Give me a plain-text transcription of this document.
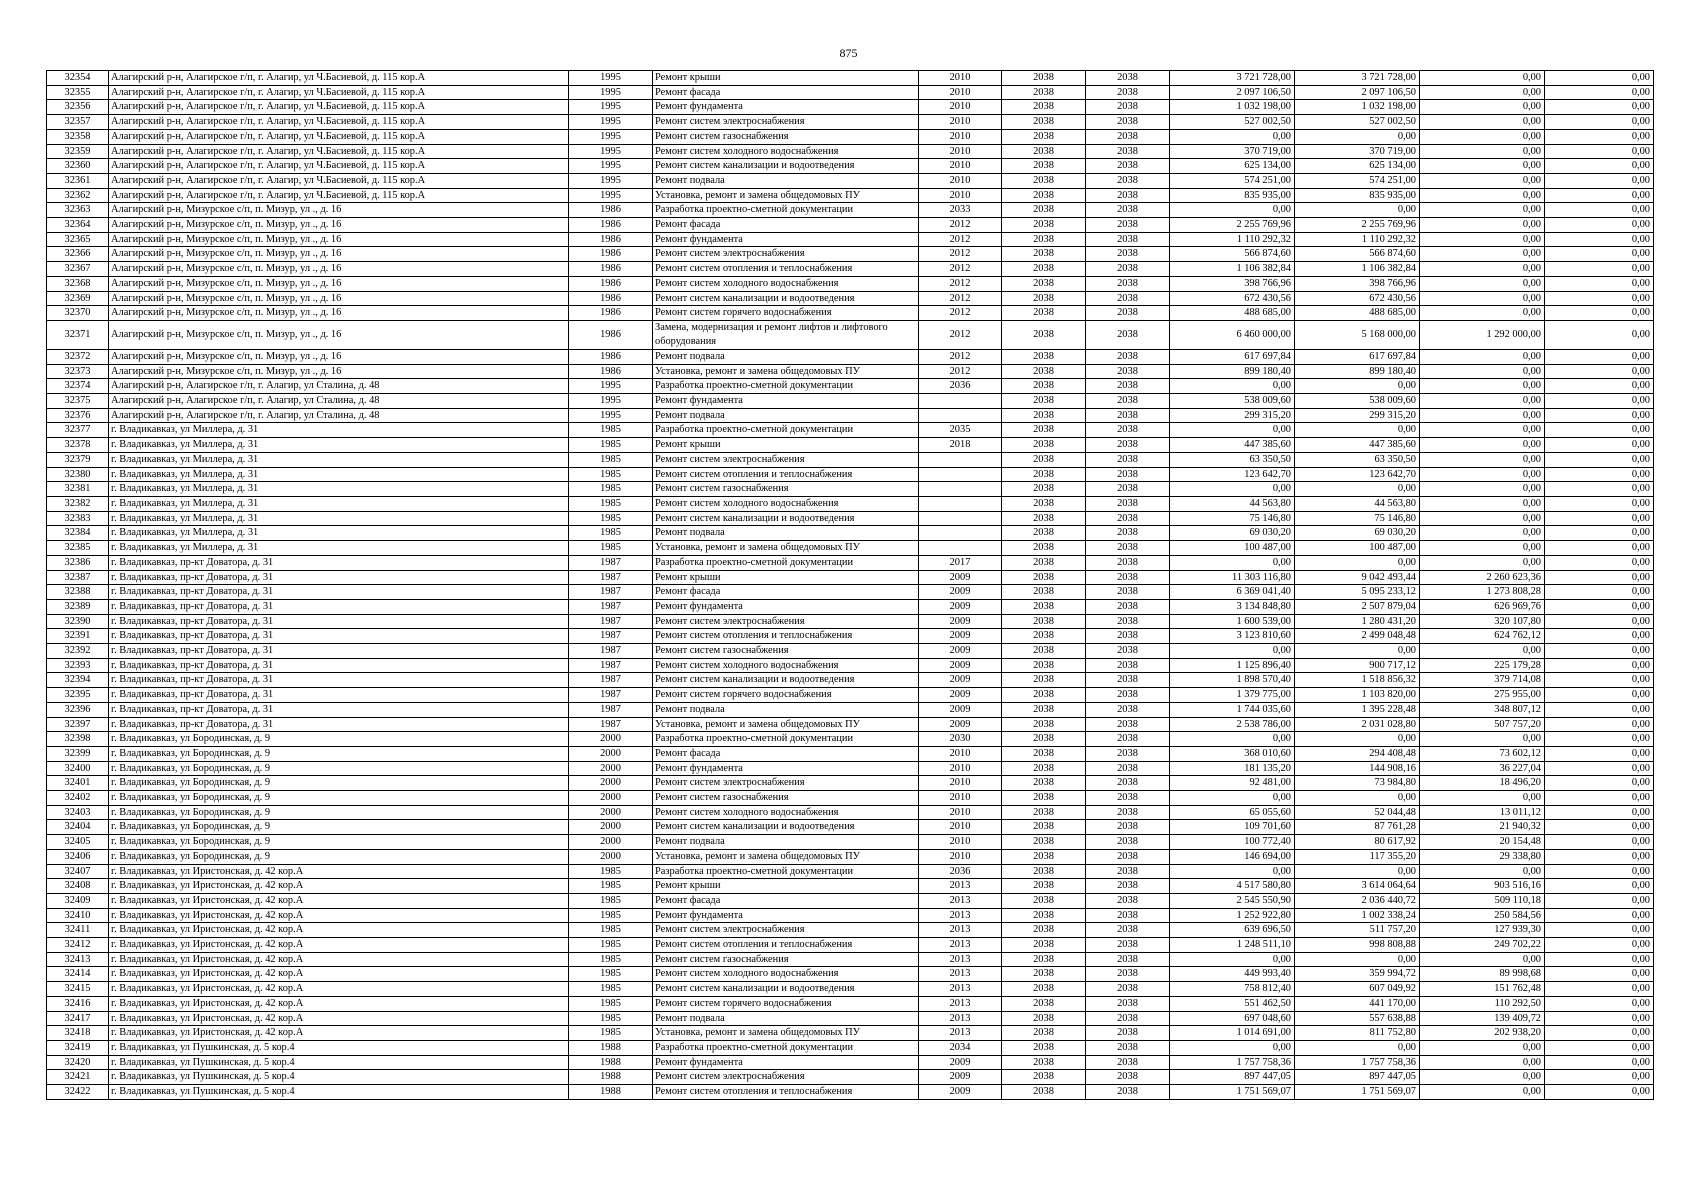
875
32354	Алагирский р-н, Алагирское г/п, г. Алагир, ул Ч.Басиевой, д. 115 кор.А	1995	Ремонт крыши	2010	2038	2038	3 721 728,00	3 721 728,00	0,00	0,00
32355	Алагирский р-н, Алагирское г/п, г. Алагир, ул Ч.Басиевой, д. 115 кор.А	1995	Ремонт фасада	2010	2038	2038	2 097 106,50	2 097 106,50	0,00	0,00
32356	Алагирский р-н, Алагирское г/п, г. Алагир, ул Ч.Басиевой, д. 115 кор.А	1995	Ремонт фундамента	2010	2038	2038	1 032 198,00	1 032 198,00	0,00	0,00
32357	Алагирский р-н, Алагирское г/п, г. Алагир, ул Ч.Басиевой, д. 115 кор.А	1995	Ремонт систем электроснабжения	2010	2038	2038	527 002,50	527 002,50	0,00	0,00
32358	Алагирский р-н, Алагирское г/п, г. Алагир, ул Ч.Басиевой, д. 115 кор.А	1995	Ремонт систем газоснабжения	2010	2038	2038	0,00	0,00	0,00	0,00
32359	Алагирский р-н, Алагирское г/п, г. Алагир, ул Ч.Басиевой, д. 115 кор.А	1995	Ремонт систем холодного водоснабжения	2010	2038	2038	370 719,00	370 719,00	0,00	0,00
32360	Алагирский р-н, Алагирское г/п, г. Алагир, ул Ч.Басиевой, д. 115 кор.А	1995	Ремонт систем канализации и водоотведения	2010	2038	2038	625 134,00	625 134,00	0,00	0,00
32361	Алагирский р-н, Алагирское г/п, г. Алагир, ул Ч.Басиевой, д. 115 кор.А	1995	Ремонт подвала	2010	2038	2038	574 251,00	574 251,00	0,00	0,00
32362	Алагирский р-н, Алагирское г/п, г. Алагир, ул Ч.Басиевой, д. 115 кор.А	1995	Установка, ремонт и замена общедомовых ПУ	2010	2038	2038	835 935,00	835 935,00	0,00	0,00
32363	Алагирский р-н, Мизурское с/п, п. Мизур, ул ., д. 16	1986	Разработка проектно-сметной документации	2033	2038	2038	0,00	0,00	0,00	0,00
32364	Алагирский р-н, Мизурское с/п, п. Мизур, ул ., д. 16	1986	Ремонт фасада	2012	2038	2038	2 255 769,96	2 255 769,96	0,00	0,00
32365	Алагирский р-н, Мизурское с/п, п. Мизур, ул ., д. 16	1986	Ремонт фундамента	2012	2038	2038	1 110 292,32	1 110 292,32	0,00	0,00
32366	Алагирский р-н, Мизурское с/п, п. Мизур, ул ., д. 16	1986	Ремонт систем электроснабжения	2012	2038	2038	566 874,60	566 874,60	0,00	0,00
32367	Алагирский р-н, Мизурское с/п, п. Мизур, ул ., д. 16	1986	Ремонт систем отопления и теплоснабжения	2012	2038	2038	1 106 382,84	1 106 382,84	0,00	0,00
32368	Алагирский р-н, Мизурское с/п, п. Мизур, ул ., д. 16	1986	Ремонт систем холодного водоснабжения	2012	2038	2038	398 766,96	398 766,96	0,00	0,00
32369	Алагирский р-н, Мизурское с/п, п. Мизур, ул ., д. 16	1986	Ремонт систем канализации и водоотведения	2012	2038	2038	672 430,56	672 430,56	0,00	0,00
32370	Алагирский р-н, Мизурское с/п, п. Мизур, ул ., д. 16	1986	Ремонт систем горячего водоснабжения	2012	2038	2038	488 685,00	488 685,00	0,00	0,00
32371	Алагирский р-н, Мизурское с/п, п. Мизур, ул ., д. 16	1986	Замена, модернизация и ремонт лифтов и лифтового оборудования	2012	2038	2038	6 460 000,00	5 168 000,00	1 292 000,00	0,00
32372	Алагирский р-н, Мизурское с/п, п. Мизур, ул ., д. 16	1986	Ремонт подвала	2012	2038	2038	617 697,84	617 697,84	0,00	0,00
32373	Алагирский р-н, Мизурское с/п, п. Мизур, ул ., д. 16	1986	Установка, ремонт и замена общедомовых ПУ	2012	2038	2038	899 180,40	899 180,40	0,00	0,00
32374	Алагирский р-н, Алагирское г/п, г. Алагир, ул Сталина, д. 48	1995	Разработка проектно-сметной документации	2036	2038	2038	0,00	0,00	0,00	0,00
32375	Алагирский р-н, Алагирское г/п, г. Алагир, ул Сталина, д. 48	1995	Ремонт фундамента		2038	2038	538 009,60	538 009,60	0,00	0,00
32376	Алагирский р-н, Алагирское г/п, г. Алагир, ул Сталина, д. 48	1995	Ремонт подвала		2038	2038	299 315,20	299 315,20	0,00	0,00
32377	г. Владикавказ, ул Миллера, д. 31	1985	Разработка проектно-сметной документации	2035	2038	2038	0,00	0,00	0,00	0,00
32378	г. Владикавказ, ул Миллера, д. 31	1985	Ремонт крыши	2018	2038	2038	447 385,60	447 385,60	0,00	0,00
32379	г. Владикавказ, ул Миллера, д. 31	1985	Ремонт систем электроснабжения		2038	2038	63 350,50	63 350,50	0,00	0,00
32380	г. Владикавказ, ул Миллера, д. 31	1985	Ремонт систем отопления и теплоснабжения		2038	2038	123 642,70	123 642,70	0,00	0,00
32381	г. Владикавказ, ул Миллера, д. 31	1985	Ремонт систем газоснабжения		2038	2038	0,00	0,00	0,00	0,00
32382	г. Владикавказ, ул Миллера, д. 31	1985	Ремонт систем холодного водоснабжения		2038	2038	44 563,80	44 563,80	0,00	0,00
32383	г. Владикавказ, ул Миллера, д. 31	1985	Ремонт систем канализации и водоотведения		2038	2038	75 146,80	75 146,80	0,00	0,00
32384	г. Владикавказ, ул Миллера, д. 31	1985	Ремонт подвала		2038	2038	69 030,20	69 030,20	0,00	0,00
32385	г. Владикавказ, ул Миллера, д. 31	1985	Установка, ремонт и замена общедомовых ПУ		2038	2038	100 487,00	100 487,00	0,00	0,00
32386	г. Владикавказ, пр-кт Доватора, д. 31	1987	Разработка проектно-сметной документации	2017	2038	2038	0,00	0,00	0,00	0,00
32387	г. Владикавказ, пр-кт Доватора, д. 31	1987	Ремонт крыши	2009	2038	2038	11 303 116,80	9 042 493,44	2 260 623,36	0,00
32388	г. Владикавказ, пр-кт Доватора, д. 31	1987	Ремонт фасада	2009	2038	2038	6 369 041,40	5 095 233,12	1 273 808,28	0,00
32389	г. Владикавказ, пр-кт Доватора, д. 31	1987	Ремонт фундамента	2009	2038	2038	3 134 848,80	2 507 879,04	626 969,76	0,00
32390	г. Владикавказ, пр-кт Доватора, д. 31	1987	Ремонт систем электроснабжения	2009	2038	2038	1 600 539,00	1 280 431,20	320 107,80	0,00
32391	г. Владикавказ, пр-кт Доватора, д. 31	1987	Ремонт систем отопления и теплоснабжения	2009	2038	2038	3 123 810,60	2 499 048,48	624 762,12	0,00
32392	г. Владикавказ, пр-кт Доватора, д. 31	1987	Ремонт систем газоснабжения	2009	2038	2038	0,00	0,00	0,00	0,00
32393	г. Владикавказ, пр-кт Доватора, д. 31	1987	Ремонт систем холодного водоснабжения	2009	2038	2038	1 125 896,40	900 717,12	225 179,28	0,00
32394	г. Владикавказ, пр-кт Доватора, д. 31	1987	Ремонт систем канализации и водоотведения	2009	2038	2038	1 898 570,40	1 518 856,32	379 714,08	0,00
32395	г. Владикавказ, пр-кт Доватора, д. 31	1987	Ремонт систем горячего водоснабжения	2009	2038	2038	1 379 775,00	1 103 820,00	275 955,00	0,00
32396	г. Владикавказ, пр-кт Доватора, д. 31	1987	Ремонт подвала	2009	2038	2038	1 744 035,60	1 395 228,48	348 807,12	0,00
32397	г. Владикавказ, пр-кт Доватора, д. 31	1987	Установка, ремонт и замена общедомовых ПУ	2009	2038	2038	2 538 786,00	2 031 028,80	507 757,20	0,00
32398	г. Владикавказ, ул Бородинская, д. 9	2000	Разработка проектно-сметной документации	2030	2038	2038	0,00	0,00	0,00	0,00
32399	г. Владикавказ, ул Бородинская, д. 9	2000	Ремонт фасада	2010	2038	2038	368 010,60	294 408,48	73 602,12	0,00
32400	г. Владикавказ, ул Бородинская, д. 9	2000	Ремонт фундамента	2010	2038	2038	181 135,20	144 908,16	36 227,04	0,00
32401	г. Владикавказ, ул Бородинская, д. 9	2000	Ремонт систем электроснабжения	2010	2038	2038	92 481,00	73 984,80	18 496,20	0,00
32402	г. Владикавказ, ул Бородинская, д. 9	2000	Ремонт систем газоснабжения	2010	2038	2038	0,00	0,00	0,00	0,00
32403	г. Владикавказ, ул Бородинская, д. 9	2000	Ремонт систем холодного водоснабжения	2010	2038	2038	65 055,60	52 044,48	13 011,12	0,00
32404	г. Владикавказ, ул Бородинская, д. 9	2000	Ремонт систем канализации и водоотведения	2010	2038	2038	109 701,60	87 761,28	21 940,32	0,00
32405	г. Владикавказ, ул Бородинская, д. 9	2000	Ремонт подвала	2010	2038	2038	100 772,40	80 617,92	20 154,48	0,00
32406	г. Владикавказ, ул Бородинская, д. 9	2000	Установка, ремонт и замена общедомовых ПУ	2010	2038	2038	146 694,00	117 355,20	29 338,80	0,00
32407	г. Владикавказ, ул Иристонская, д. 42 кор.А	1985	Разработка проектно-сметной документации	2036	2038	2038	0,00	0,00	0,00	0,00
32408	г. Владикавказ, ул Иристонская, д. 42 кор.А	1985	Ремонт крыши	2013	2038	2038	4 517 580,80	3 614 064,64	903 516,16	0,00
32409	г. Владикавказ, ул Иристонская, д. 42 кор.А	1985	Ремонт фасада	2013	2038	2038	2 545 550,90	2 036 440,72	509 110,18	0,00
32410	г. Владикавказ, ул Иристонская, д. 42 кор.А	1985	Ремонт фундамента	2013	2038	2038	1 252 922,80	1 002 338,24	250 584,56	0,00
32411	г. Владикавказ, ул Иристонская, д. 42 кор.А	1985	Ремонт систем электроснабжения	2013	2038	2038	639 696,50	511 757,20	127 939,30	0,00
32412	г. Владикавказ, ул Иристонская, д. 42 кор.А	1985	Ремонт систем отопления и теплоснабжения	2013	2038	2038	1 248 511,10	998 808,88	249 702,22	0,00
32413	г. Владикавказ, ул Иристонская, д. 42 кор.А	1985	Ремонт систем газоснабжения	2013	2038	2038	0,00	0,00	0,00	0,00
32414	г. Владикавказ, ул Иристонская, д. 42 кор.А	1985	Ремонт систем холодного водоснабжения	2013	2038	2038	449 993,40	359 994,72	89 998,68	0,00
32415	г. Владикавказ, ул Иристонская, д. 42 кор.А	1985	Ремонт систем канализации и водоотведения	2013	2038	2038	758 812,40	607 049,92	151 762,48	0,00
32416	г. Владикавказ, ул Иристонская, д. 42 кор.А	1985	Ремонт систем горячего водоснабжения	2013	2038	2038	551 462,50	441 170,00	110 292,50	0,00
32417	г. Владикавказ, ул Иристонская, д. 42 кор.А	1985	Ремонт подвала	2013	2038	2038	697 048,60	557 638,88	139 409,72	0,00
32418	г. Владикавказ, ул Иристонская, д. 42 кор.А	1985	Установка, ремонт и замена общедомовых ПУ	2013	2038	2038	1 014 691,00	811 752,80	202 938,20	0,00
32419	г. Владикавказ, ул Пушкинская, д. 5 кор.4	1988	Разработка проектно-сметной документации	2034	2038	2038	0,00	0,00	0,00	0,00
32420	г. Владикавказ, ул Пушкинская, д. 5 кор.4	1988	Ремонт фундамента	2009	2038	2038	1 757 758,36	1 757 758,36	0,00	0,00
32421	г. Владикавказ, ул Пушкинская, д. 5 кор.4	1988	Ремонт систем электроснабжения	2009	2038	2038	897 447,05	897 447,05	0,00	0,00
32422	г. Владикавказ, ул Пушкинская, д. 5 кор.4	1988	Ремонт систем отопления и теплоснабжения	2009	2038	2038	1 751 569,07	1 751 569,07	0,00	0,00
